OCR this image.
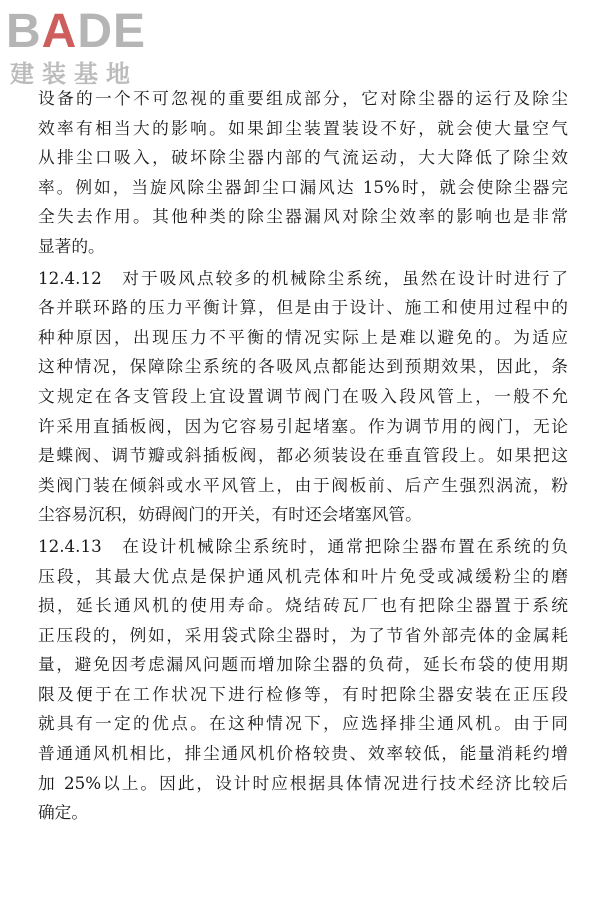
BADE
建装基地
设备的一个不可忽视的重要组成部分，它对除尘器的运行及除尘
效率有相当大的影响。如果卸尘装置装设不好，就会使大量空气
从排尘口吸入，破坏除尘器内部的气流运动，大大降低了除尘效
率。例如，当旋风除尘器卸尘口漏风达 15%时，就会使除尘器完
全失去作用。其他种类的除尘器漏风对除尘效率的影响也是非常
显著的。
12.4.12　对于吸风点较多的机械除尘系统，虽然在设计时进行了
各并联环路的压力平衡计算，但是由于设计、施工和使用过程中的
种种原因，出现压力不平衡的情况实际上是难以避免的。为适应
这种情况，保障除尘系统的各吸风点都能达到预期效果，因此，条
文规定在各支管段上宜设置调节阀门在吸入段风管上，一般不允
许采用直插板阀，因为它容易引起堵塞。作为调节用的阀门，无论
是蝶阀、调节瓣或斜插板阀，都必须装设在垂直管段上。如果把这
类阀门装在倾斜或水平风管上，由于阀板前、后产生强烈涡流，粉
尘容易沉积，妨碍阀门的开关，有时还会堵塞风管。
12.4.13　在设计机械除尘系统时，通常把除尘器布置在系统的负
压段，其最大优点是保护通风机壳体和叶片免受或减缓粉尘的磨
损，延长通风机的使用寿命。烧结砖瓦厂也有把除尘器置于系统
正压段的，例如，采用袋式除尘器时，为了节省外部壳体的金属耗
量，避免因考虑漏风问题而增加除尘器的负荷，延长布袋的使用期
限及便于在工作状况下进行检修等，有时把除尘器安装在正压段
就具有一定的优点。在这种情况下，应选择排尘通风机。由于同
普通通风机相比，排尘通风机价格较贵、效率较低，能量消耗约增
加 25%以上。因此，设计时应根据具体情况进行技术经济比较后
确定。
